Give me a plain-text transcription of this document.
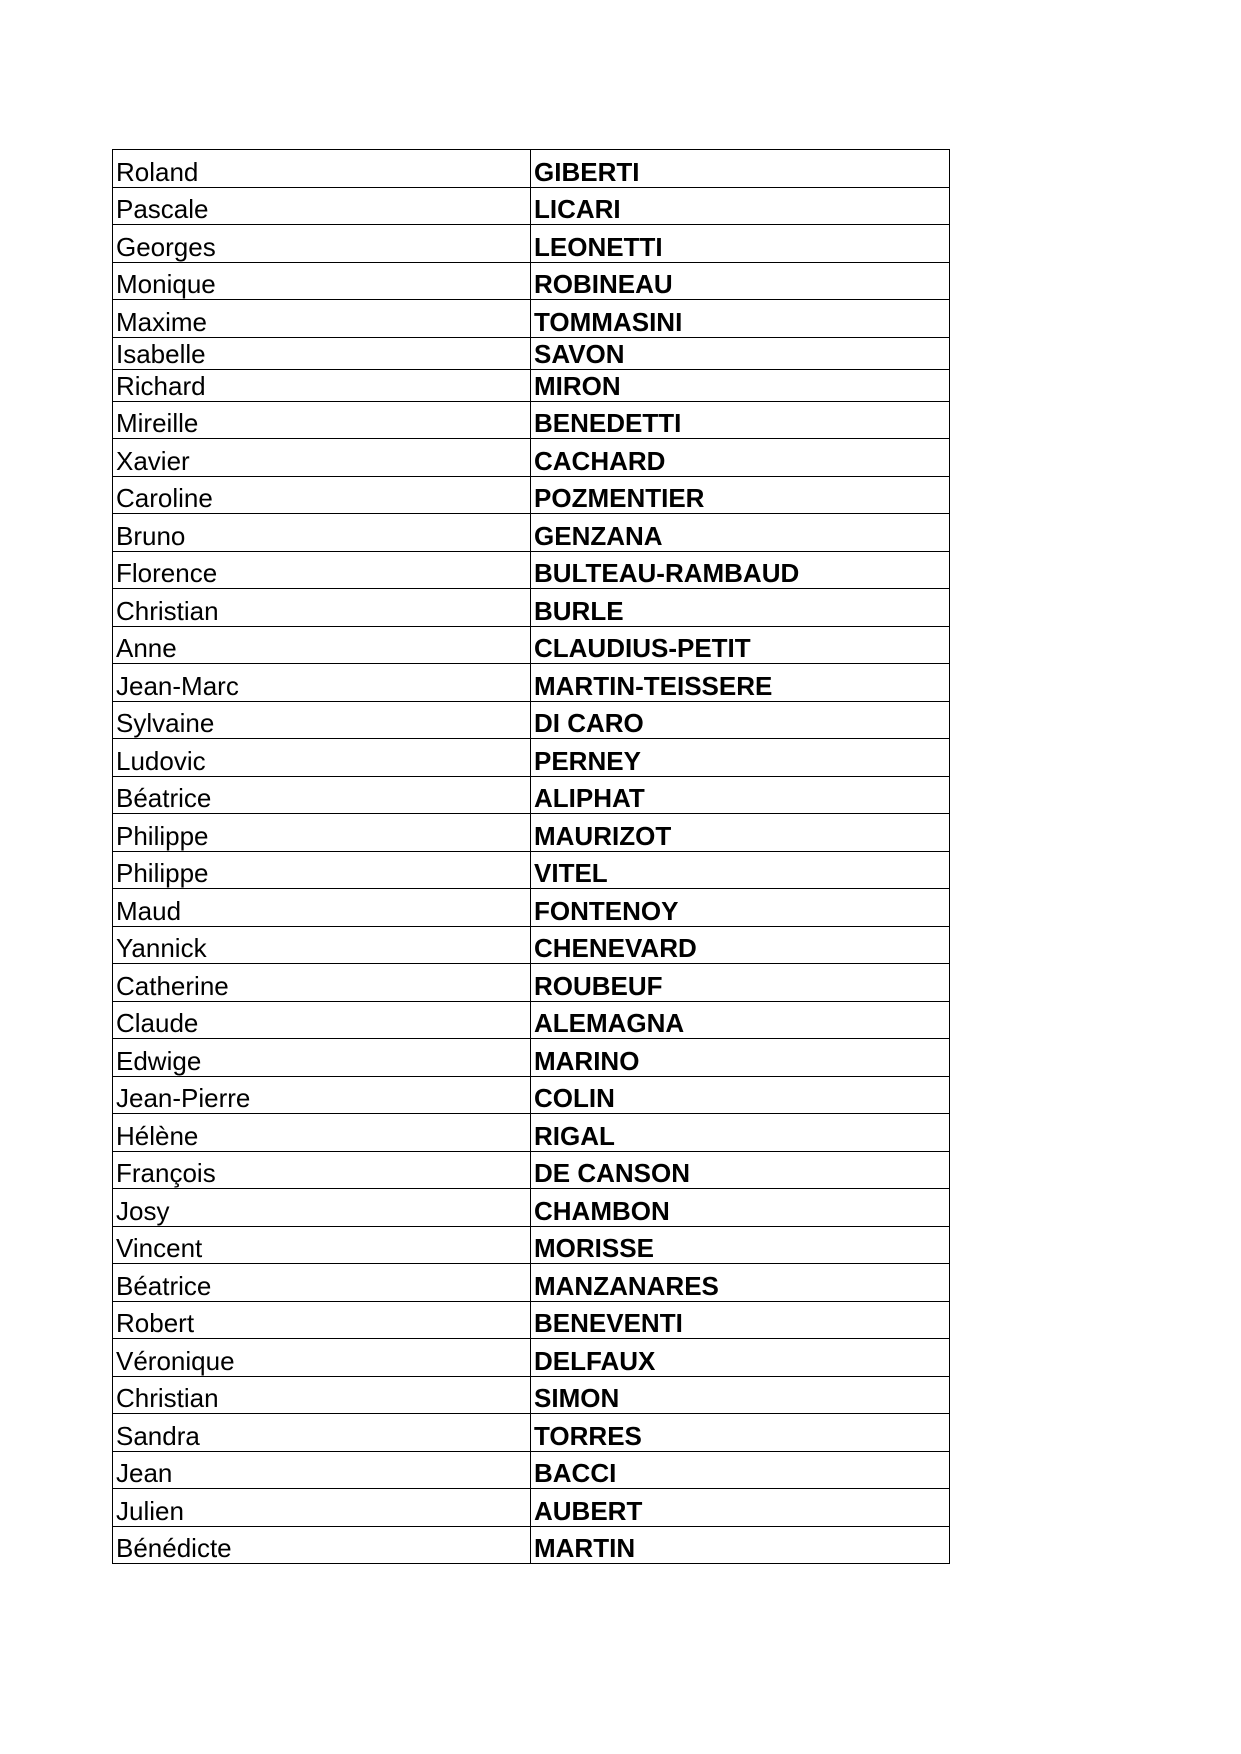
Roland	GIBERTI
Pascale	LICARI
Georges	LEONETTI
Monique	ROBINEAU
Maxime	TOMMASINI
Isabelle	SAVON
Richard	MIRON
Mireille	BENEDETTI
Xavier	CACHARD
Caroline	POZMENTIER
Bruno	GENZANA
Florence	BULTEAU-RAMBAUD
Christian	BURLE
Anne	CLAUDIUS-PETIT
Jean-Marc	MARTIN-TEISSERE
Sylvaine	DI CARO
Ludovic	PERNEY
Béatrice	ALIPHAT
Philippe	MAURIZOT
Philippe	VITEL
Maud	FONTENOY
Yannick	CHENEVARD
Catherine	ROUBEUF
Claude	ALEMAGNA
Edwige	MARINO
Jean-Pierre	COLIN
Hélène	RIGAL
François	DE CANSON
Josy	CHAMBON
Vincent	MORISSE
Béatrice	MANZANARES
Robert	BENEVENTI
Véronique	DELFAUX
Christian	SIMON
Sandra	TORRES
Jean	BACCI
Julien	AUBERT
Bénédicte	MARTIN
